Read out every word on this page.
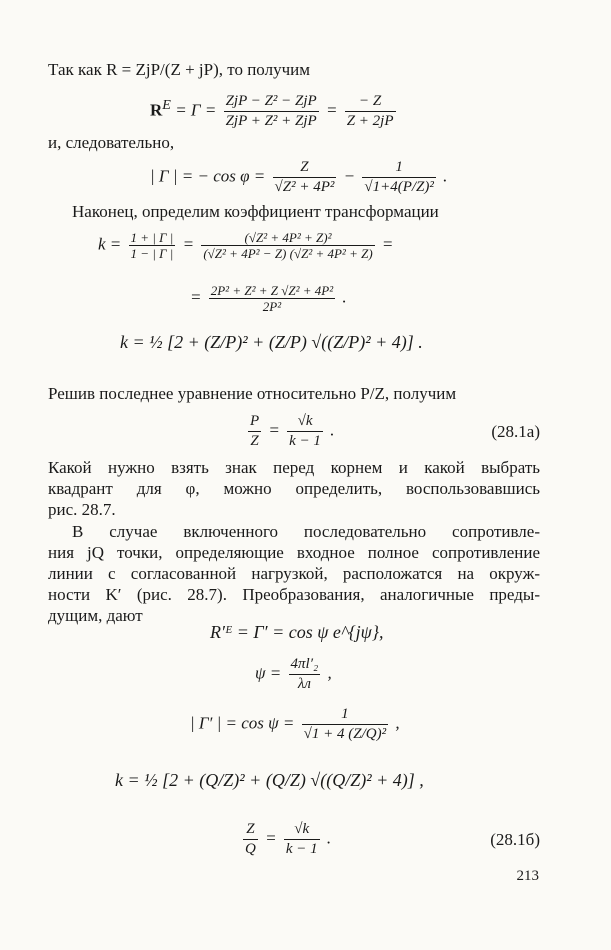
Так как R = ZjP/(Z + jP), то получим
$R^E = \Gamma = \frac{\text{ZjP − Z² − ZjP}}{\text{ZjP + Z² + ZjP}} = \frac{- Z}{Z + 2jP}$
и, следовательно,
| Γ | = − $\cos \varphi = \frac{Z}{\text{√Z² + 4P²}} - \frac{1}{\text{√1+4(P/Z)²}}$ .
Наконец, определим коэффициент трансформации
$k = \frac{1 + | \Gamma |}{1 - | \Gamma |} = \frac{\text{(√Z² + 4P² + Z)²}}{\text{(√Z² + 4P² − Z) (√Z² + 4P² + Z)}}$ =
= $\frac{\text{2P² + Z² + Z √Z² + 4P²}}{\text{2P²}}$ .
k = ½ [2 + (Z/P)² + (Z/P) √((Z/P)² + 4)] .
Решив последнее уравнение относительно P/Z, получим
$\frac{P}{Z} = \frac{√k}{k - 1}$ .	(28.1а)
Какой нужно взять знак перед корнем и какой выбрать
квадрант для φ, можно определить, воспользовавшись
рис. 28.7.
В случае включенного последовательно сопротивле-
ния jQ точки, определяющие входное полное сопротивление
линии с согласованной нагрузкой, расположатся на окруж-
ности K′ (рис. 28.7). Преобразования, аналогичные преды-
дущим, дают
R′ᴱ = Γ′ = cos ψ e^{jψ},
$\psi = \frac{\text{4πl′₂}}{\lambda л}$ ,
| Γ′ | = $\cos \psi = \frac{1}{\text{√1 + 4 (Z/Q)²}}$ ,
k = ½ [2 + (Q/Z)² + (Q/Z) √((Q/Z)² + 4)] ,
$\frac{Z}{Q} = \frac{√k}{k - 1}$ .	(28.1б)
213
